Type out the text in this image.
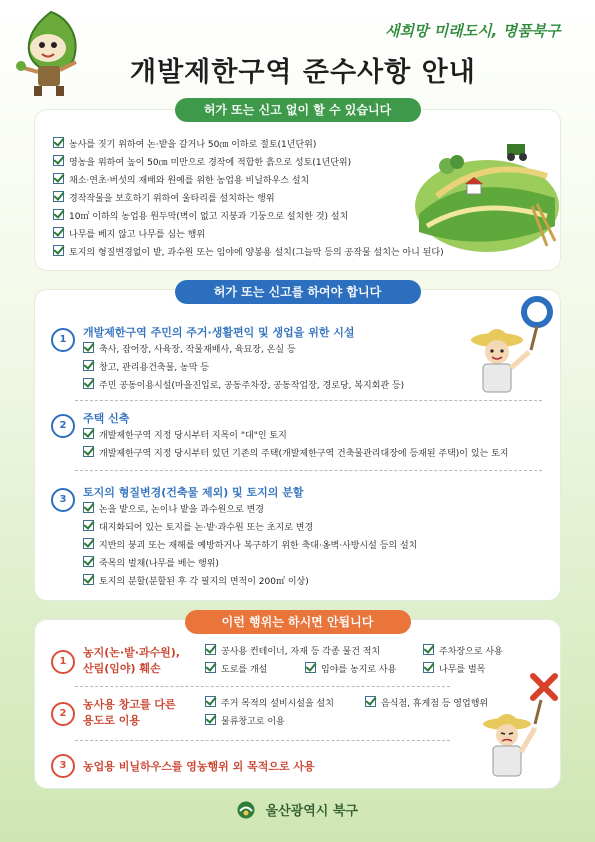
새희망 미래도시, 명품북구
개발제한구역 준수사항 안내
허가 또는 신고 없이 할 수 있습니다
농사를 짓기 위하여 논·밭을 갈거나 50㎝ 이하로 절토(1년단위)
영농을 위하여 높이 50㎝ 미만으로 경작에 적합한 흙으로 성토(1년단위)
채소·연초·버섯의 재배와 원예를 위한 농업용 비닐하우스 설치
경작작물을 보호하기 위하여 울타리를 설치하는 행위
10㎡ 이하의 농업용 원두막(벽이 없고 지붕과 기둥으로 설치한 것) 설치
나무를 베지 않고 나무를 심는 행위
토지의 형질변경없이 밭, 과수원 또는 임야에 양봉용 설치(그늘막 등의 공작물 설치는 아니 된다)
허가 또는 신고를 하여야 합니다
1
개발제한구역 주민의 주거·생활편익 및 생업을 위한 시설
축사, 잠어장, 사육장, 작물재배사, 육묘장, 온실 등
창고, 관리용건축물, 농막 등
주민 공동이용시설(마을진입로, 공동주차장, 공동작업장, 경로당, 복지회관 등)
2
주택 신축
개발제한구역 지정 당시부터 지목이 "대"인 토지
개발제한구역 지정 당시부터 있던 기존의 주택(개발제한구역 건축물관리대장에 등재된 주택)이 있는 토지
3
토지의 형질변경(건축물 제외) 및 토지의 분할
논을 밭으로, 논이나 밭을 과수원으로 변경
대지화되어 있는 토지를 논·밭·과수원 또는 초지로 변경
지반의 붕괴 또는 재해를 예방하거나 복구하기 위한 축대·옹벽·사방시설 등의 설치
죽목의 벌채(나무를 베는 행위)
토지의 분할(분할된 후 각 필지의 면적이 200㎡ 이상)
이런 행위는 하시면 안됩니다
1
농지(논·밭·과수원),
산림(임야) 훼손
공사용 컨테이너, 자재 등 각종 물건 적치	주차장으로 사용
도로를 개설	임야를 농지로 사용	나무를 벌목
2
농사용 창고를 다른
용도로 이용
주거 목적의 설비시설을 설치	음식점, 휴게점 등 영업행위
물류창고로 이용
3	농업용 비닐하우스를 영농행위 외 목적으로 사용
울산광역시 북구
